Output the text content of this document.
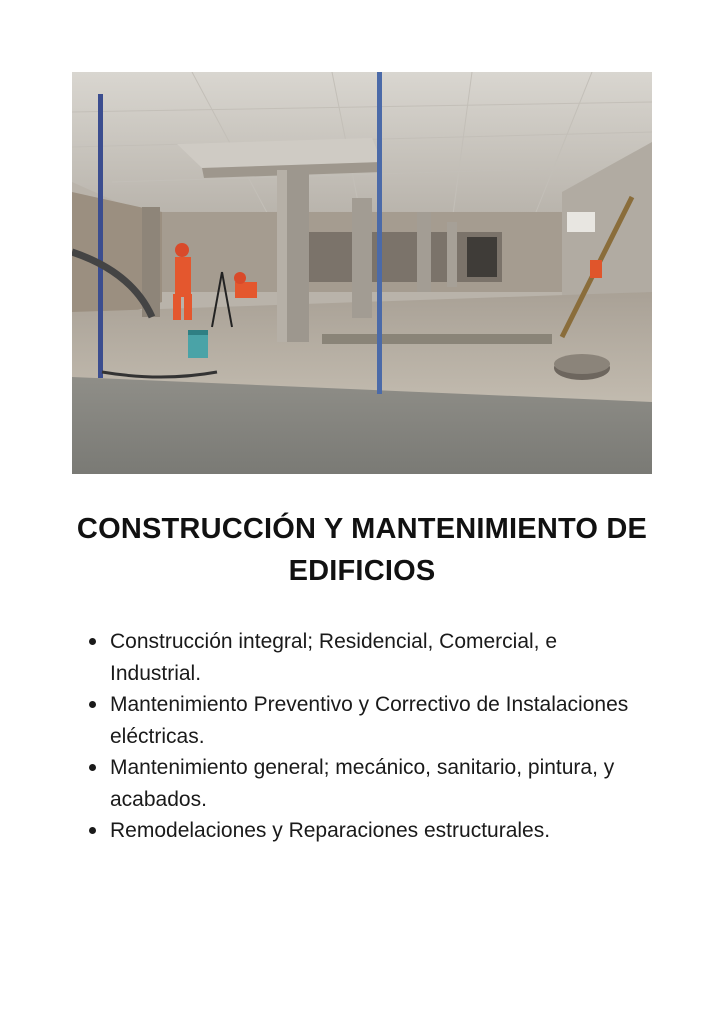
CONSTRUCCIÓN Y MANTENIMIENTO DE EDIFICIOS
Construcción integral; Residencial, Comercial, e Industrial.
Mantenimiento Preventivo y Correctivo de Instalaciones eléctricas.
Mantenimiento general; mecánico, sanitario, pintura, y acabados.
Remodelaciones y Reparaciones estructurales.
